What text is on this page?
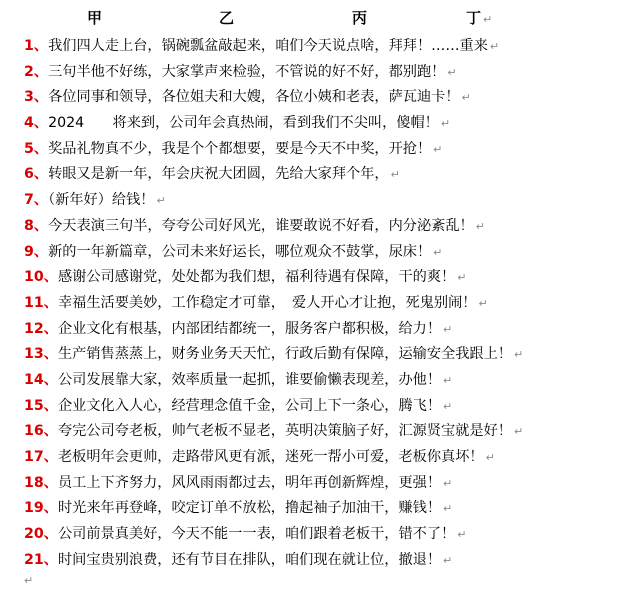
甲	乙	丙	丁 ↵
1、我们四人走上台，锅碗瓢盆敲起来，咱们今天说点啥，拜拜！……重来 ↵
2、三句半他不好练，大家掌声来检验，不管说的好不好，都别跑！ ↵
3、各位同事和领导，各位姐夫和大嫂，各位小姨和老表，萨瓦迪卡！ ↵
4、2024　　将来到，公司年会真热闹，看到我们不尖叫，傻帽！ ↵
5、奖品礼物真不少，我是个个都想要，要是今天不中奖，开抢！ ↵
6、转眼又是新一年，年会庆祝大团圆，先给大家拜个年， ↵
7、（新年好）给钱！ ↵
8、今天表演三句半，夸夸公司好风光，谁要敢说不好看，内分泌紊乱！ ↵
9、新的一年新篇章，公司未来好运长，哪位观众不鼓掌，尿床！ ↵
10、感谢公司感谢党，处处都为我们想，福利待遇有保障，干的爽！ ↵
11、幸福生活要美妙，工作稳定才可靠，　爱人开心才让抱，死鬼别闹！ ↵
12、企业文化有根基，内部团结都统一，服务客户都积极，给力！ ↵
13、生产销售蒸蒸上，财务业务天天忙，行政后勤有保障，运输安全我跟上！ ↵
14、公司发展靠大家，效率质量一起抓，谁要偷懒表现差，办他！ ↵
15、企业文化入人心，经营理念值千金，公司上下一条心，腾飞！ ↵
16、夸完公司夸老板，帅气老板不显老，英明决策脑子好，汇源贤宝就是好！ ↵
17、老板明年会更帅，走路带风更有派，迷死一帮小可爱，老板你真坏！ ↵
18、员工上下齐努力，风风雨雨都过去，明年再创新辉煌，更强！ ↵
19、时光来年再登峰，咬定订单不放松，撸起袖子加油干，赚钱！ ↵
20、公司前景真美好，今天不能一一表，咱们跟着老板干，错不了！ ↵
21、时间宝贵别浪费，还有节目在排队，咱们现在就让位，撤退！ ↵
↵
